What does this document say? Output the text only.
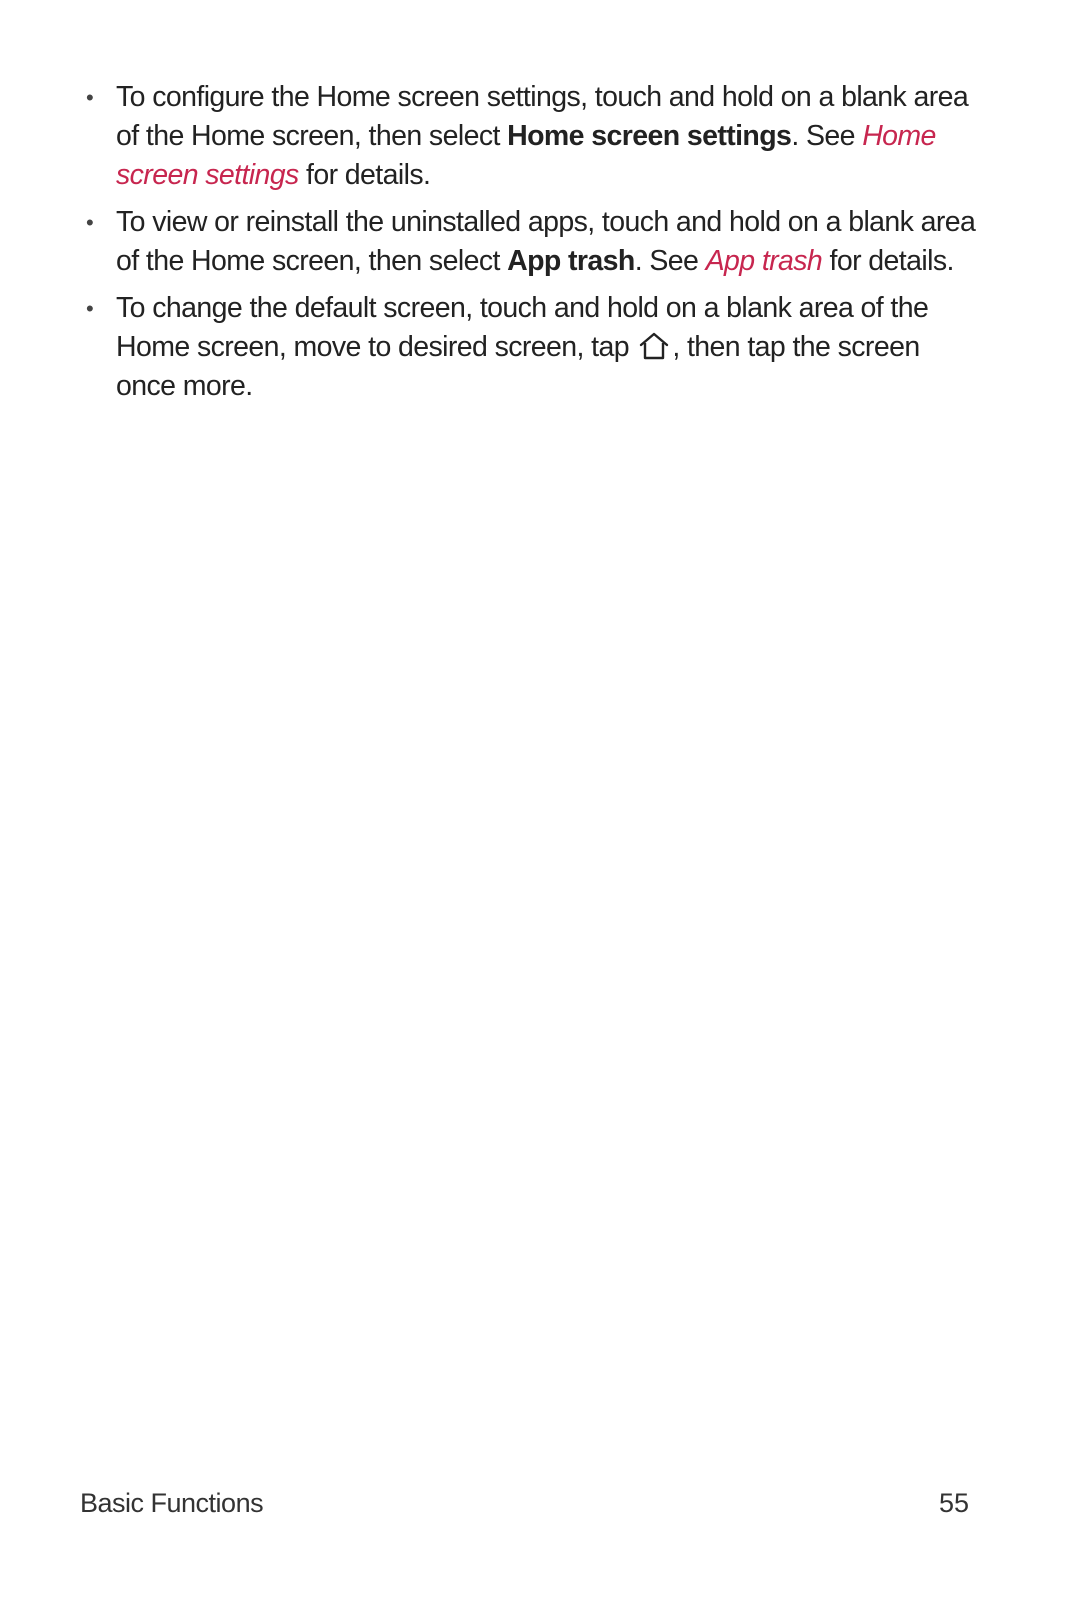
• To configure the Home screen settings, touch and hold on a blank area of the Home screen, then select Home screen settings. See Home screen settings for details.
• To view or reinstall the uninstalled apps, touch and hold on a blank area of the Home screen, then select App trash. See App trash for details.
• To change the default screen, touch and hold on a blank area of the Home screen, move to desired screen, tap , then tap the screen once more.
Basic Functions	55
